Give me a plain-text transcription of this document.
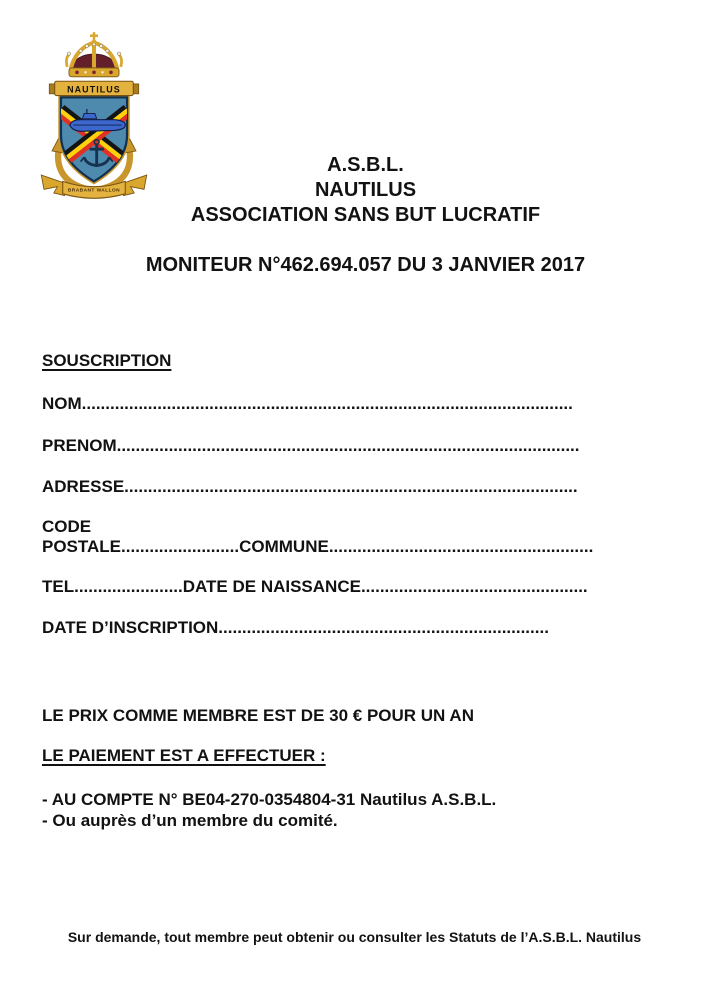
NAUTILUS
BRABANT WALLON
A.S.B.L.
NAUTILUS
ASSOCIATION SANS BUT LUCRATIF
MONITEUR N°462.694.057 DU 3 JANVIER 2017
SOUSCRIPTION
NOM........................................................................................................
PRENOM..................................................................................................
ADRESSE................................................................................................
CODE
POSTALE.........................COMMUNE........................................................
TEL.......................DATE DE NAISSANCE................................................
DATE D’INSCRIPTION......................................................................
LE PRIX COMME MEMBRE EST DE 30 € POUR UN AN
LE PAIEMENT EST A EFFECTUER :
- AU COMPTE N° BE04-270-0354804-31 Nautilus A.S.B.L.
- Ou auprès d’un membre du comité.
Sur demande, tout membre peut obtenir ou consulter les Statuts de l’A.S.B.L. Nautilus
